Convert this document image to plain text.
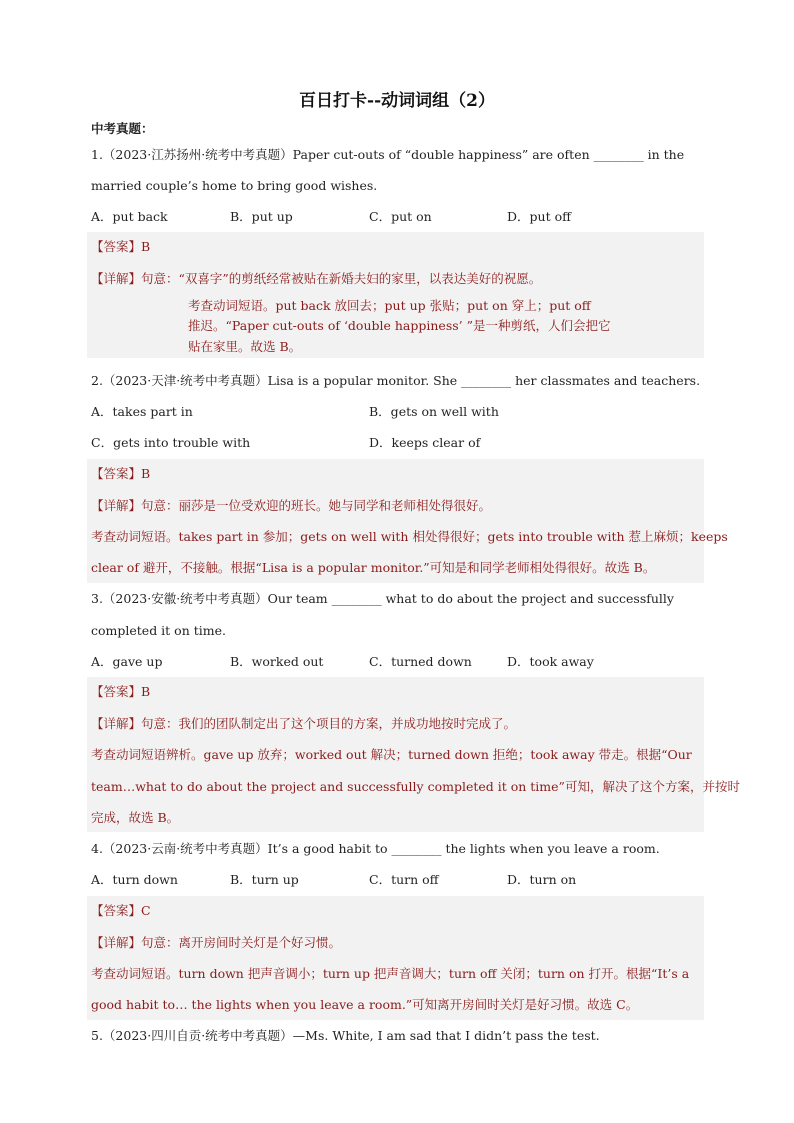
百日打卡--动词词组（2）
中考真题：
1.（2023·江苏扬州·统考中考真题）Paper cut-outs of “double happiness” are often ________ in the
married couple’s home to bring good wishes.
A．put back	B．put up	C．put on	D．put off
【答案】B
【详解】句意：“双喜字”的剪纸经常被贴在新婚夫妇的家里，以表达美好的祝愿。
考查动词短语。put back 放回去；put up 张贴；put on 穿上；put off
推迟。“Paper cut-outs of ‘double happiness’ ”是一种剪纸，人们会把它
贴在家里。故选 B。
2.（2023·天津·统考中考真题）Lisa is a popular monitor. She ________ her classmates and teachers.
A．takes part in	B．gets on well with
C．gets into trouble with	D．keeps clear of
【答案】B
【详解】句意：丽莎是一位受欢迎的班长。她与同学和老师相处得很好。
考查动词短语。takes part in 参加；gets on well with 相处得很好；gets into trouble with 惹上麻烦；keeps
clear of 避开，不接触。根据“Lisa is a popular monitor.”可知是和同学老师相处得很好。故选 B。
3.（2023·安徽·统考中考真题）Our team ________ what to do about the project and successfully
completed it on time.
A．gave up	B．worked out	C．turned down	D．took away
【答案】B
【详解】句意：我们的团队制定出了这个项目的方案，并成功地按时完成了。
考查动词短语辨析。gave up 放弃；worked out 解决；turned down 拒绝；took away 带走。根据“Our
team…what to do about the project and successfully completed it on time”可知，解决了这个方案，并按时
完成，故选 B。
4.（2023·云南·统考中考真题）It’s a good habit to ________ the lights when you leave a room.
A．turn down	B．turn up	C．turn off	D．turn on
【答案】C
【详解】句意：离开房间时关灯是个好习惯。
考查动词短语。turn down 把声音调小；turn up 把声音调大；turn off 关闭；turn on 打开。根据“It’s a
good habit to… the lights when you leave a room.”可知离开房间时关灯是好习惯。故选 C。
5.（2023·四川自贡·统考中考真题）—Ms. White, I am sad that I didn’t pass the test.
